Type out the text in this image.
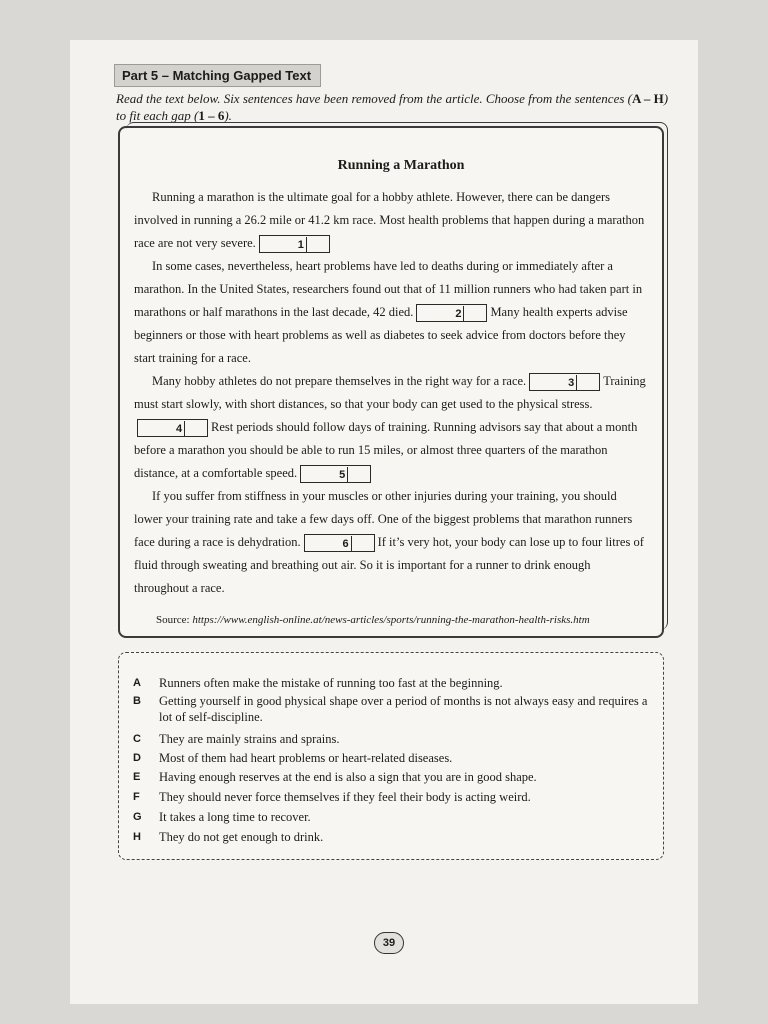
Part 5 – Matching Gapped Text
Read the text below. Six sentences have been removed from the article. Choose from the sentences (A – H) to fit each gap (1 – 6).
Running a Marathon

Running a marathon is the ultimate goal for a hobby athlete. However, there can be dangers involved in running a 26.2 mile or 41.2 km race. Most health problems that happen during a marathon race are not very severe.	1

In some cases, nevertheless, heart problems have led to deaths during or immediately after a marathon. In the United States, researchers found out that of 11 million runners who had taken part in marathons or half marathons in the last decade, 42 died.	2 Many health experts advise beginners or those with heart problems as well as diabetes to seek advice from doctors before they start training for a race.

Many hobby athletes do not prepare themselves in the right way for a race.	3 Training must start slowly, with short distances, so that your body can get used to the physical stress.4 Rest periods should follow days of training. Running advisors say that about a month before a marathon you should be able to run 15 miles, or almost three quarters of the marathon distance, at a comfortable speed.	5

If you suffer from stiffness in your muscles or other injuries during your training, you should lower your training rate and take a few days off. One of the biggest problems that marathon runners face during a race is dehydration.	6 If it’s very hot, your body can lose up to four litres of fluid through sweating and breathing out air. So it is important for a runner to drink enough throughout a race.

Source: https://www.english-online.at/news-articles/sports/running-the-marathon-health-risks.htm
A Runners often make the mistake of running too fast at the beginning.
B Getting yourself in good physical shape over a period of months is not always easy and requires a lot of self-discipline.
C They are mainly strains and sprains.
D Most of them had heart problems or heart-related diseases.
E Having enough reserves at the end is also a sign that you are in good shape.
F They should never force themselves if they feel their body is acting weird.
G It takes a long time to recover.
H They do not get enough to drink.
39
